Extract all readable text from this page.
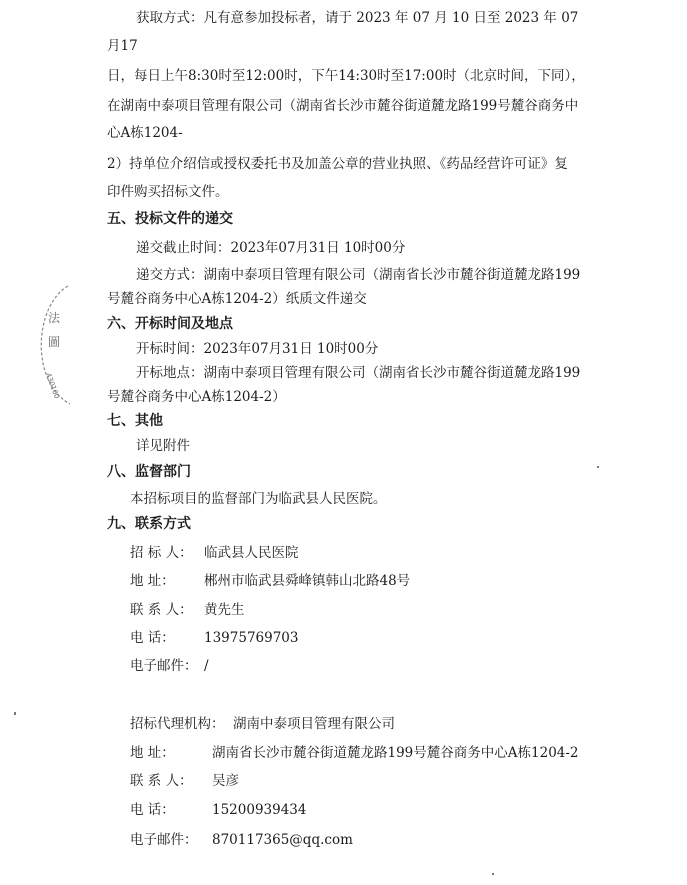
法
圖
430100
获取方式：凡有意参加投标者，请于 2023 年 07 月 10 日至 2023 年 07
月17
日，每日上午8:30时至12:00时，下午14:30时至17:00时（北京时间，下同），
在湖南中泰项目管理有限公司（湖南省长沙市麓谷街道麓龙路199号麓谷商务中
心A栋1204-
2）持单位介绍信或授权委托书及加盖公章的营业执照、《药品经营许可证》复
印件购买招标文件。
五、投标文件的递交
递交截止时间：2023年07月31日 10时00分
递交方式：湖南中泰项目管理有限公司（湖南省长沙市麓谷街道麓龙路199
号麓谷商务中心A栋1204-2）纸质文件递交
六、开标时间及地点
开标时间：2023年07月31日 10时00分
开标地点：湖南中泰项目管理有限公司（湖南省长沙市麓谷街道麓龙路199
号麓谷商务中心A栋1204-2）
七、其他
详见附件
八、监督部门
本招标项目的监督部门为临武县人民医院。
九、联系方式
招 标 人： 临武县人民医院
地 址： 郴州市临武县舜峰镇韩山北路48号
联 系 人： 黄先生
电 话： 13975769703
电子邮件： /
招标代理机构： 湖南中泰项目管理有限公司
地 址：	湖南省长沙市麓谷街道麓龙路199号麓谷商务中心A栋1204-2
联 系 人： 吴彦
电 话：	15200939434
电子邮件： 870117365@qq.com
